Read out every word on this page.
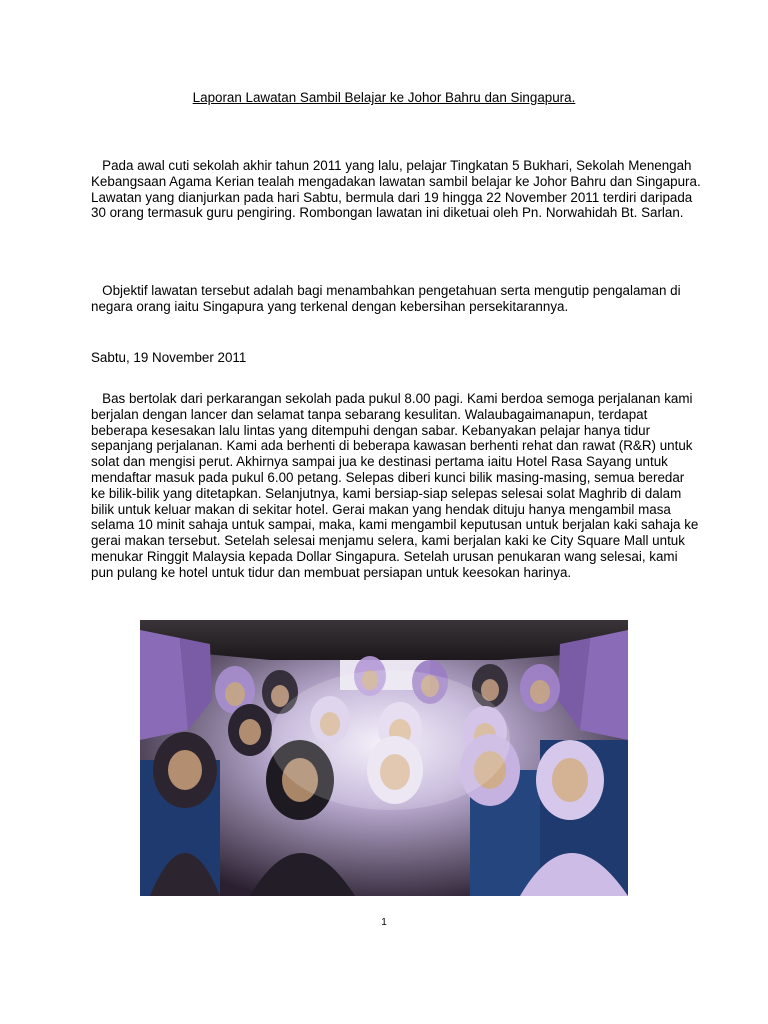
Laporan Lawatan Sambil Belajar ke Johor Bahru dan Singapura.

Pada awal cuti sekolah akhir tahun 2011 yang lalu, pelajar Tingkatan 5 Bukhari, Sekolah Menengah Kebangsaan Agama Kerian tealah mengadakan lawatan sambil belajar ke Johor Bahru dan Singapura. Lawatan yang dianjurkan pada hari Sabtu, bermula dari 19 hingga 22 November 2011 terdiri daripada 30 orang termasuk guru pengiring. Rombongan lawatan ini diketuai oleh Pn. Norwahidah Bt. Sarlan.

Objektif lawatan tersebut adalah bagi menambahkan pengetahuan serta mengutip pengalaman di negara orang iaitu Singapura yang terkenal dengan kebersihan persekitarannya.

Sabtu, 19 November 2011

Bas bertolak dari perkarangan sekolah pada pukul 8.00 pagi. Kami berdoa semoga perjalanan kami berjalan dengan lancer dan selamat tanpa sebarang kesulitan. Walaubagaimanapun, terdapat beberapa kesesakan lalu lintas yang ditempuhi dengan sabar. Kebanyakan pelajar hanya tidur sepanjang perjalanan. Kami ada berhenti di beberapa kawasan berhenti rehat dan rawat (R&R) untuk solat dan mengisi perut. Akhirnya sampai jua ke destinasi pertama iaitu Hotel Rasa Sayang untuk mendaftar masuk pada pukul 6.00 petang. Selepas diberi kunci bilik masing-masing, semua beredar ke bilik-bilik yang ditetapkan. Selanjutnya, kami bersiap-siap selepas selesai solat Maghrib di dalam bilik untuk keluar makan di sekitar hotel. Gerai makan yang hendak dituju hanya mengambil masa selama 10 minit sahaja untuk sampai, maka, kami mengambil keputusan untuk berjalan kaki sahaja ke gerai makan tersebut. Setelah selesai menjamu selera, kami berjalan kaki ke City Square Mall untuk menukar Ringgit Malaysia kepada Dollar Singapura. Setelah urusan penukaran wang selesai, kami pun pulang ke hotel untuk tidur dan membuat persiapan untuk keesokan harinya.

1
